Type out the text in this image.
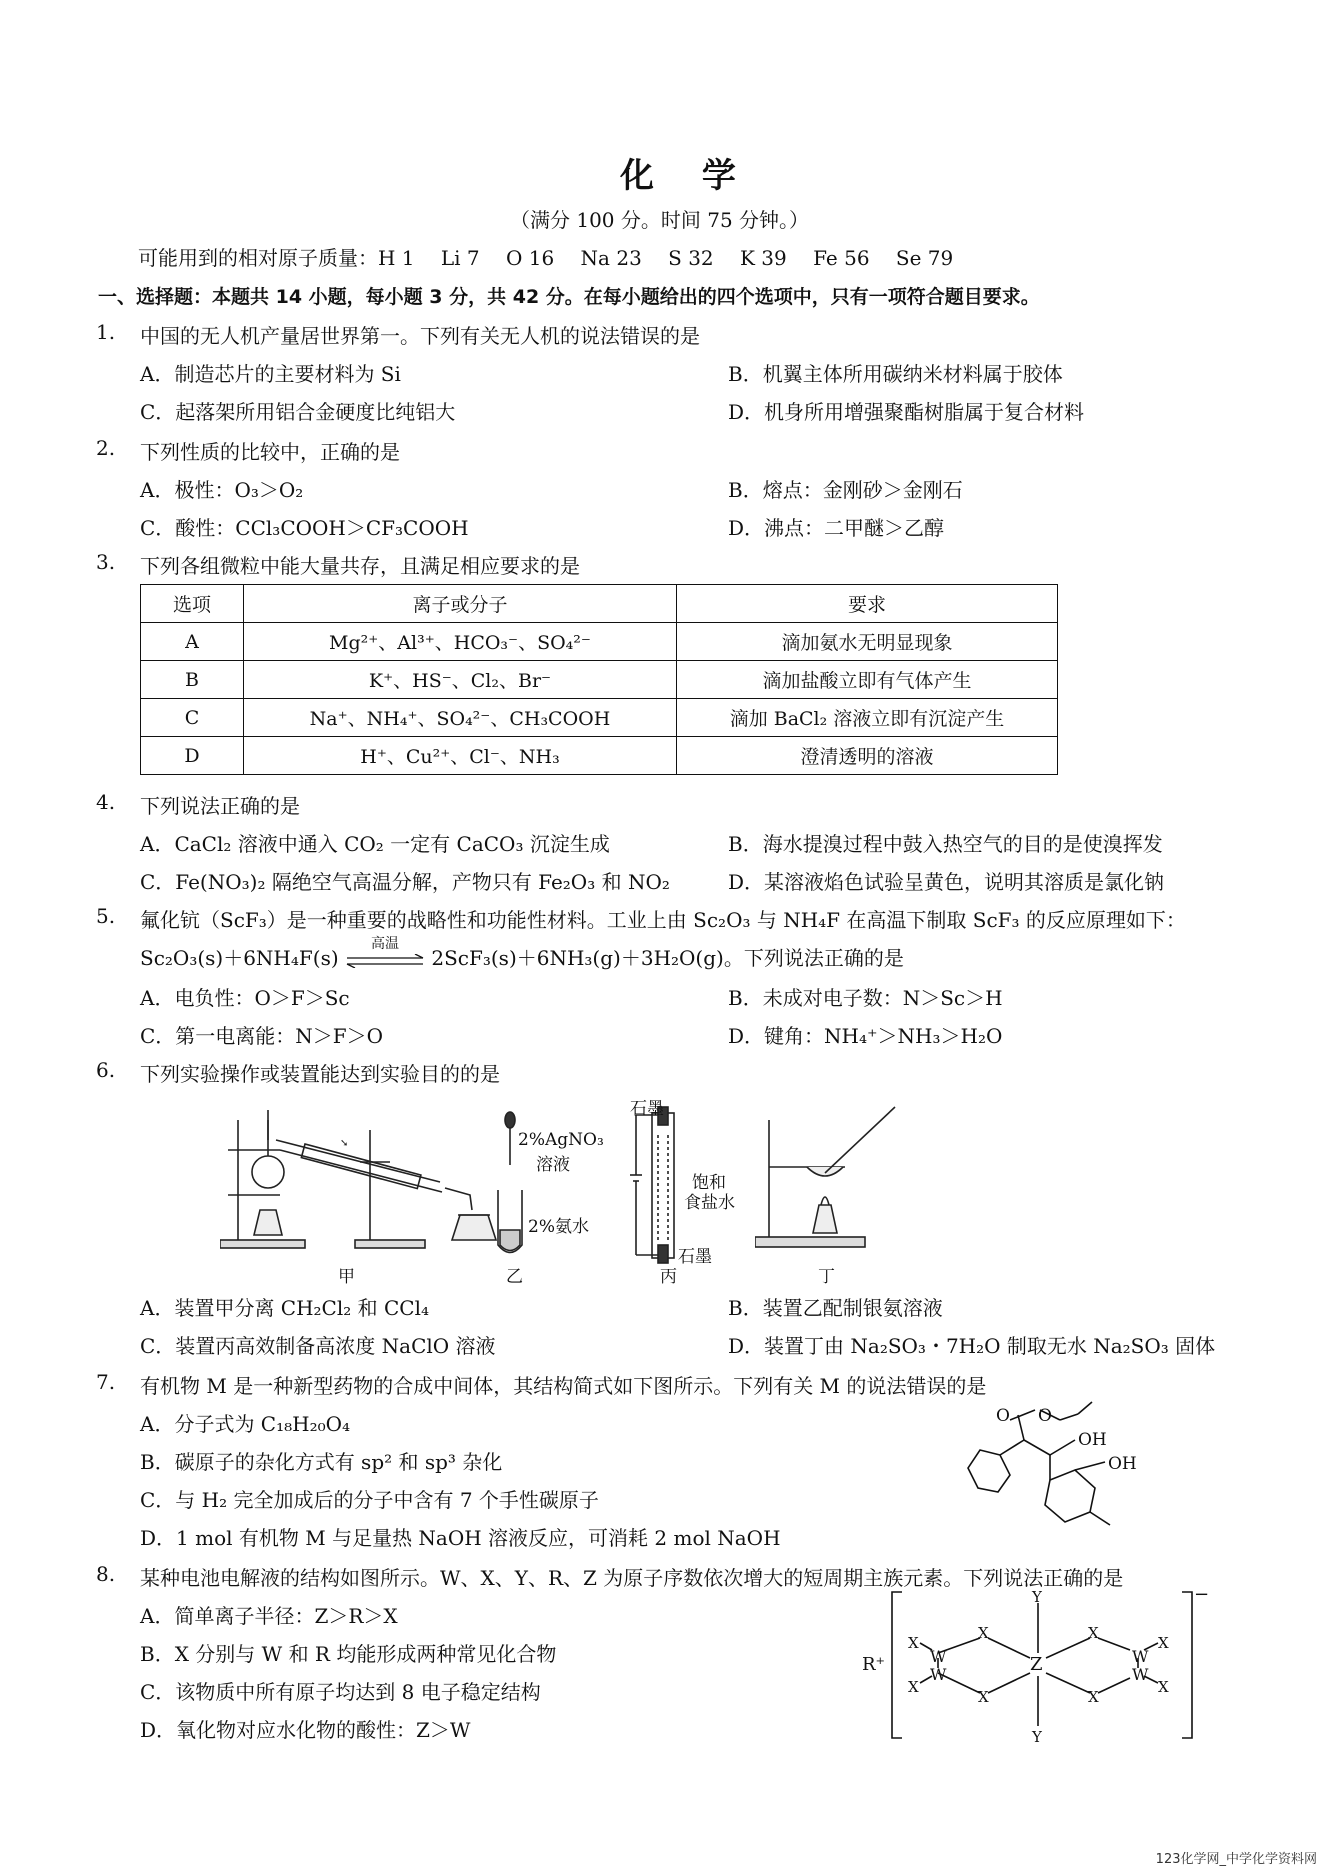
化 学
（满分 100 分。时间 75 分钟。）
可能用到的相对原子质量：H 1　 Li 7　 O 16　 Na 23　 S 32　 K 39　 Fe 56　 Se 79
一、选择题：本题共 14 小题，每小题 3 分，共 42 分。在每小题给出的四个选项中，只有一项符合题目要求。
1. 中国的无人机产量居世界第一。下列有关无人机的说法错误的是
A．制造芯片的主要材料为 Si	B．机翼主体所用碳纳米材料属于胶体
C．起落架所用铝合金硬度比纯铝大	D．机身所用增强聚酯树脂属于复合材料
2. 下列性质的比较中，正确的是
A．极性：O₃＞O₂	B．熔点：金刚砂＞金刚石
C．酸性：CCl₃COOH＞CF₃COOH	D．沸点：二甲醚＞乙醇
3. 下列各组微粒中能大量共存，且满足相应要求的是
选项	离子或分子	要求
A	Mg²⁺、Al³⁺、HCO₃⁻、SO₄²⁻	滴加氨水无明显现象
B	K⁺、HS⁻、Cl₂、Br⁻	滴加盐酸立即有气体产生
C	Na⁺、NH₄⁺、SO₄²⁻、CH₃COOH	滴加 BaCl₂ 溶液立即有沉淀产生
D	H⁺、Cu²⁺、Cl⁻、NH₃	澄清透明的溶液
4. 下列说法正确的是
A．CaCl₂ 溶液中通入 CO₂ 一定有 CaCO₃ 沉淀生成	B．海水提溴过程中鼓入热空气的目的是使溴挥发
C．Fe(NO₃)₂ 隔绝空气高温分解，产物只有 Fe₂O₃ 和 NO₂	D．某溶液焰色试验呈黄色，说明其溶质是氯化钠
5. 氟化钪（ScF₃）是一种重要的战略性和功能性材料。工业上由 Sc₂O₃ 与 NH₄F 在高温下制取 ScF₃ 的反应原理如下：
Sc₂O₃(s)＋6NH₄F(s)
高温
2ScF₃(s)＋6NH₃(g)＋3H₂O(g)。下列说法正确的是
A．电负性：O＞F＞Sc	B．未成对电子数：N＞Sc＞H
C．第一电离能：N＞F＞O	D．键角：NH₄⁺＞NH₃＞H₂O
6. 下列实验操作或装置能达到实验目的的是
➘
甲
2%AgNO₃
溶液
2%氨水
乙
石墨
饱和
食盐水
石墨
丙	丁
A．装置甲分离 CH₂Cl₂ 和 CCl₄	B．装置乙配制银氨溶液
C．装置丙高效制备高浓度 NaClO 溶液	D．装置丁由 Na₂SO₃・7H₂O 制取无水 Na₂SO₃ 固体
7. 有机物 M 是一种新型药物的合成中间体，其结构简式如下图所示。下列有关 M 的说法错误的是
A．分子式为 C₁₈H₂₀O₄
B．碳原子的杂化方式有 sp² 和 sp³ 杂化
C．与 H₂ 完全加成后的分子中含有 7 个手性碳原子
D．1 mol 有机物 M 与足量热 NaOH 溶液反应，可消耗 2 mol NaOH
O O
OH
OH
8. 某种电池电解液的结构如图所示。W、X、Y、R、Z 为原子序数依次增大的短周期主族元素。下列说法正确的是
A．简单离子半径：Z＞R＞X
B．X 分别与 W 和 R 均能形成两种常见化合物
C．该物质中所有原子均达到 8 电子稳定结构
D．氧化物对应水化物的酸性：Z＞W
R⁺	Z
Y
Y
W
W
W
W
X
X
X
X
X
X
X
X
−
123化学网_中学化学资料网
